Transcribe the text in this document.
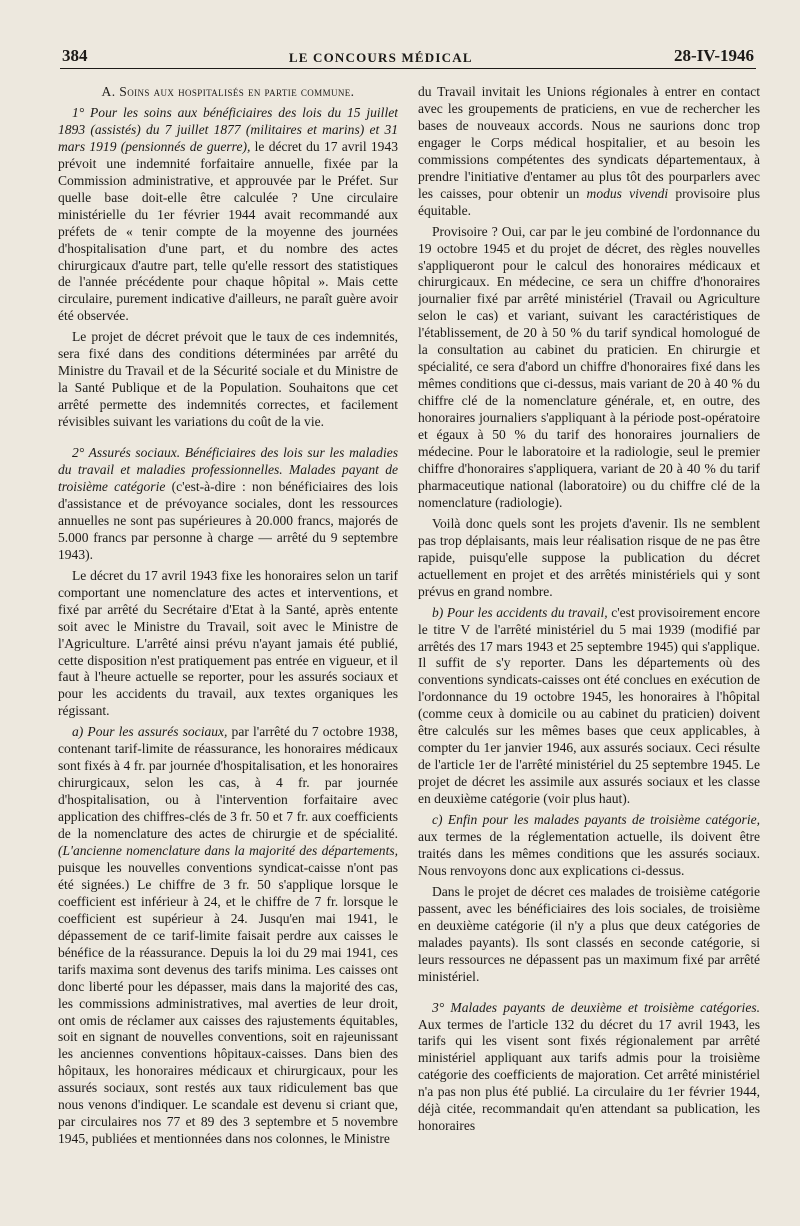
384	LE CONCOURS MÉDICAL	28-IV-1946
A. Soins aux hospitalisés en partie commune.

1° Pour les soins aux bénéficiaires des lois du 15 juillet 1893 (assistés) du 7 juillet 1877 (militaires et marins) et 31 mars 1919 (pensionnés de guerre), le décret du 17 avril 1943 prévoit une indemnité forfaitaire annuelle, fixée par la Commission administrative, et approuvée par le Préfet. Sur quelle base doit-elle être calculée ? Une circulaire ministérielle du 1er février 1944 avait recommandé aux préfets de « tenir compte de la moyenne des journées d'hospitalisation d'une part, et du nombre des actes chirurgicaux d'autre part, telle qu'elle ressort des statistiques de l'année précédente pour chaque hôpital ». Mais cette circulaire, purement indicative d'ailleurs, ne paraît guère avoir été observée.

Le projet de décret prévoit que le taux de ces indemnités, sera fixé dans des conditions déterminées par arrêté du Ministre du Travail et de la Sécurité sociale et du Ministre de la Santé Publique et de la Population. Souhaitons que cet arrêté permette des indemnités correctes, et facilement révisibles suivant les variations du coût de la vie.

2° Assurés sociaux. Bénéficiaires des lois sur les maladies du travail et maladies professionnelles. Malades payant de troisième catégorie (c'est-à-dire : non bénéficiaires des lois d'assistance et de prévoyance sociales, dont les ressources annuelles ne sont pas supérieures à 20.000 francs, majorés de 5.000 francs par personne à charge — arrêté du 9 septembre 1943).

Le décret du 17 avril 1943 fixe les honoraires selon un tarif comportant une nomenclature des actes et interventions, et fixé par arrêté du Secrétaire d'Etat à la Santé, après entente soit avec le Ministre du Travail, soit avec le Ministre de l'Agriculture. L'arrêté ainsi prévu n'ayant jamais été publié, cette disposition n'est pratiquement pas entrée en vigueur, et il faut à l'heure actuelle se reporter, pour les assurés sociaux et pour les accidents du travail, aux textes organiques les régissant.

a) Pour les assurés sociaux, par l'arrêté du 7 octobre 1938, contenant tarif-limite de réassurance, les honoraires médicaux sont fixés à 4 fr. par journée d'hospitalisation, et les honoraires chirurgicaux, selon les cas, à 4 fr. par journée d'hospitalisation, ou à l'intervention forfaitaire avec application des chiffres-clés de 3 fr. 50 et 7 fr. aux coefficients de la nomenclature des actes de chirurgie et de spécialité. (L'ancienne nomenclature dans la majorité des départements, puisque les nouvelles conventions syndicat-caisse n'ont pas été signées.) Le chiffre de 3 fr. 50 s'applique lorsque le coefficient est inférieur à 24, et le chiffre de 7 fr. lorsque le coefficient est supérieur à 24. Jusqu'en mai 1941, le dépassement de ce tarif-limite faisait perdre aux caisses le bénéfice de la réassurance. Depuis la loi du 29 mai 1941, ces tarifs maxima sont devenus des tarifs minima. Les caisses ont donc liberté pour les dépasser, mais dans la majorité des cas, les commissions administratives, mal averties de leur droit, ont omis de réclamer aux caisses des rajustements équitables, soit en signant de nouvelles conventions, soit en rajeunissant les anciennes conventions hôpitaux-caisses. Dans bien des hôpitaux, les honoraires médicaux et chirurgicaux, pour les assurés sociaux, sont restés aux taux ridiculement bas que nous venons d'indiquer. Le scandale est devenu si criant que, par circulaires nos 77 et 89 des 3 septembre et 5 novembre 1945, publiées et mentionnées dans nos colonnes, le Ministre

du Travail invitait les Unions régionales à entrer en contact avec les groupements de praticiens, en vue de rechercher les bases de nouveaux accords. Nous ne saurions donc trop engager le Corps médical hospitalier, et au besoin les commissions compétentes des syndicats départementaux, à prendre l'initiative d'entamer au plus tôt des pourparlers avec les caisses, pour obtenir un modus vivendi provisoire plus équitable.

Provisoire ? Oui, car par le jeu combiné de l'ordonnance du 19 octobre 1945 et du projet de décret, des règles nouvelles s'appliqueront pour le calcul des honoraires médicaux et chirurgicaux. En médecine, ce sera un chiffre d'honoraires journalier fixé par arrêté ministériel (Travail ou Agriculture selon le cas) et variant, suivant les caractéristiques de l'établissement, de 20 à 50 % du tarif syndical homologué de la consultation au cabinet du praticien. En chirurgie et spécialité, ce sera d'abord un chiffre d'honoraires fixé dans les mêmes conditions que ci-dessus, mais variant de 20 à 40 % du chiffre clé de la nomenclature générale, et, en outre, des honoraires journaliers s'appliquant à la période post-opératoire et égaux à 50 % du tarif des honoraires journaliers de médecine. Pour le laboratoire et la radiologie, seul le premier chiffre d'honoraires s'appliquera, variant de 20 à 40 % du tarif pharmaceutique national (laboratoire) ou du chiffre clé de la nomenclature (radiologie).

Voilà donc quels sont les projets d'avenir. Ils ne semblent pas trop déplaisants, mais leur réalisation risque de ne pas être rapide, puisqu'elle suppose la publication du décret actuellement en projet et des arrêtés ministériels qui y sont prévus en grand nombre.

b) Pour les accidents du travail, c'est provisoirement encore le titre V de l'arrêté ministériel du 5 mai 1939 (modifié par arrêtés des 17 mars 1943 et 25 septembre 1945) qui s'applique. Il suffit de s'y reporter. Dans les départements où des conventions syndicats-caisses ont été conclues en exécution de l'ordonnance du 19 octobre 1945, les honoraires à l'hôpital (comme ceux à domicile ou au cabinet du praticien) doivent être calculés sur les mêmes bases que ceux applicables, à compter du 1er janvier 1946, aux assurés sociaux. Ceci résulte de l'article 1er de l'arrêté ministériel du 25 septembre 1945. Le projet de décret les assimile aux assurés sociaux et les classe en deuxième catégorie (voir plus haut).

c) Enfin pour les malades payants de troisième catégorie, aux termes de la réglementation actuelle, ils doivent être traités dans les mêmes conditions que les assurés sociaux. Nous renvoyons donc aux explications ci-dessus.

Dans le projet de décret ces malades de troisième catégorie passent, avec les bénéficiaires des lois sociales, de troisième en deuxième catégorie (il n'y a plus que deux catégories de malades payants). Ils sont classés en seconde catégorie, si leurs ressources ne dépassent pas un maximum fixé par arrêté ministériel.

3° Malades payants de deuxième et troisième catégories. Aux termes de l'article 132 du décret du 17 avril 1943, les tarifs qui les visent sont fixés régionalement par arrêté ministériel appliquant aux tarifs admis pour la troisième catégorie des coefficients de majoration. Cet arrêté ministériel n'a pas non plus été publié. La circulaire du 1er février 1944, déjà citée, recommandait qu'en attendant sa publication, les honoraires
